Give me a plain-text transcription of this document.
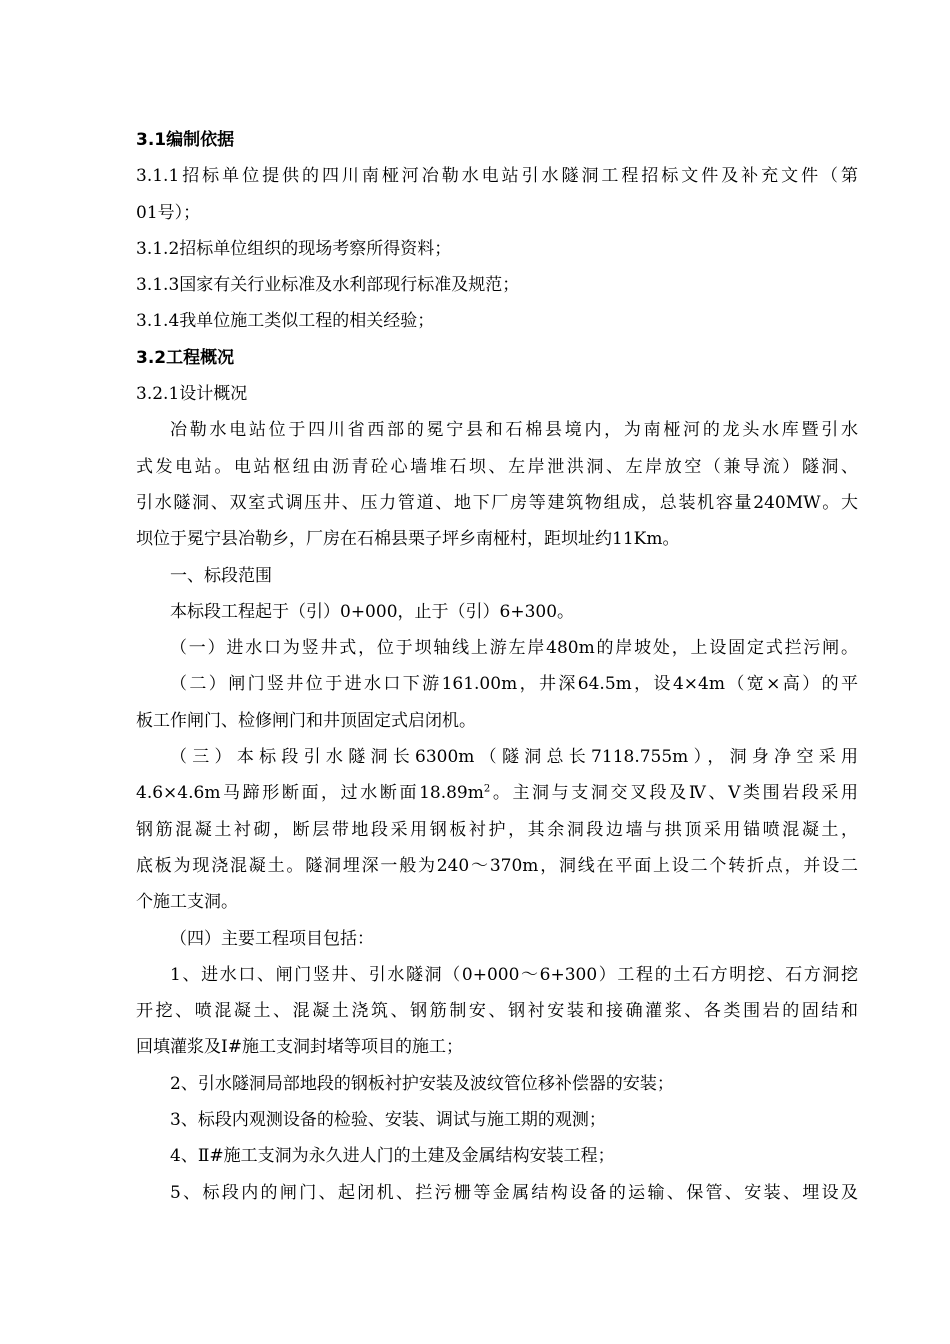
3.1编制依据
3.1.1招标单位提供的四川南桠河冶勒水电站引水隧洞工程招标文件及补充文件（第
01号）；
3.1.2招标单位组织的现场考察所得资料；
3.1.3国家有关行业标准及水利部现行标准及规范；
3.1.4我单位施工类似工程的相关经验；
3.2工程概况
3.2.1设计概况
冶勒水电站位于四川省西部的冕宁县和石棉县境内，为南桠河的龙头水库暨引水
式发电站。电站枢纽由沥青砼心墙堆石坝、左岸泄洪洞、左岸放空（兼导流）隧洞、
引水隧洞、双室式调压井、压力管道、地下厂房等建筑物组成，总装机容量240MW。大
坝位于冕宁县冶勒乡，厂房在石棉县栗子坪乡南桠村，距坝址约11Km。
一、标段范围
本标段工程起于（引）0+000，止于（引）6+300。
（一）进水口为竖井式，位于坝轴线上游左岸480m的岸坡处，上设固定式拦污闸。
（二）闸门竖井位于进水口下游161.00m，井深64.5m，设4×4m（宽×高）的平
板工作闸门、检修闸门和井顶固定式启闭机。
（三）本标段引水隧洞长6300m（隧洞总长7118.755m），洞身净空采用
4.6×4.6m马蹄形断面，过水断面$18.89m^2$。主洞与支洞交叉段及Ⅳ、Ⅴ类围岩段采用
钢筋混凝土衬砌，断层带地段采用钢板衬护，其余洞段边墙与拱顶采用锚喷混凝土，
底板为现浇混凝土。隧洞埋深一般为240～370m，洞线在平面上设二个转折点，并设二
个施工支洞。
（四）主要工程项目包括：
1、进水口、闸门竖井、引水隧洞（0+000～6+300）工程的土石方明挖、石方洞挖
开挖、喷混凝土、混凝土浇筑、钢筋制安、钢衬安装和接确灌浆、各类围岩的固结和
回填灌浆及Ⅰ#施工支洞封堵等项目的施工；
2、引水隧洞局部地段的钢板衬护安装及波纹管位移补偿器的安装；
3、标段内观测设备的检验、安装、调试与施工期的观测；
4、Ⅱ#施工支洞为永久进人门的土建及金属结构安装工程；
5、标段内的闸门、起闭机、拦污栅等金属结构设备的运输、保管、安装、埋设及
